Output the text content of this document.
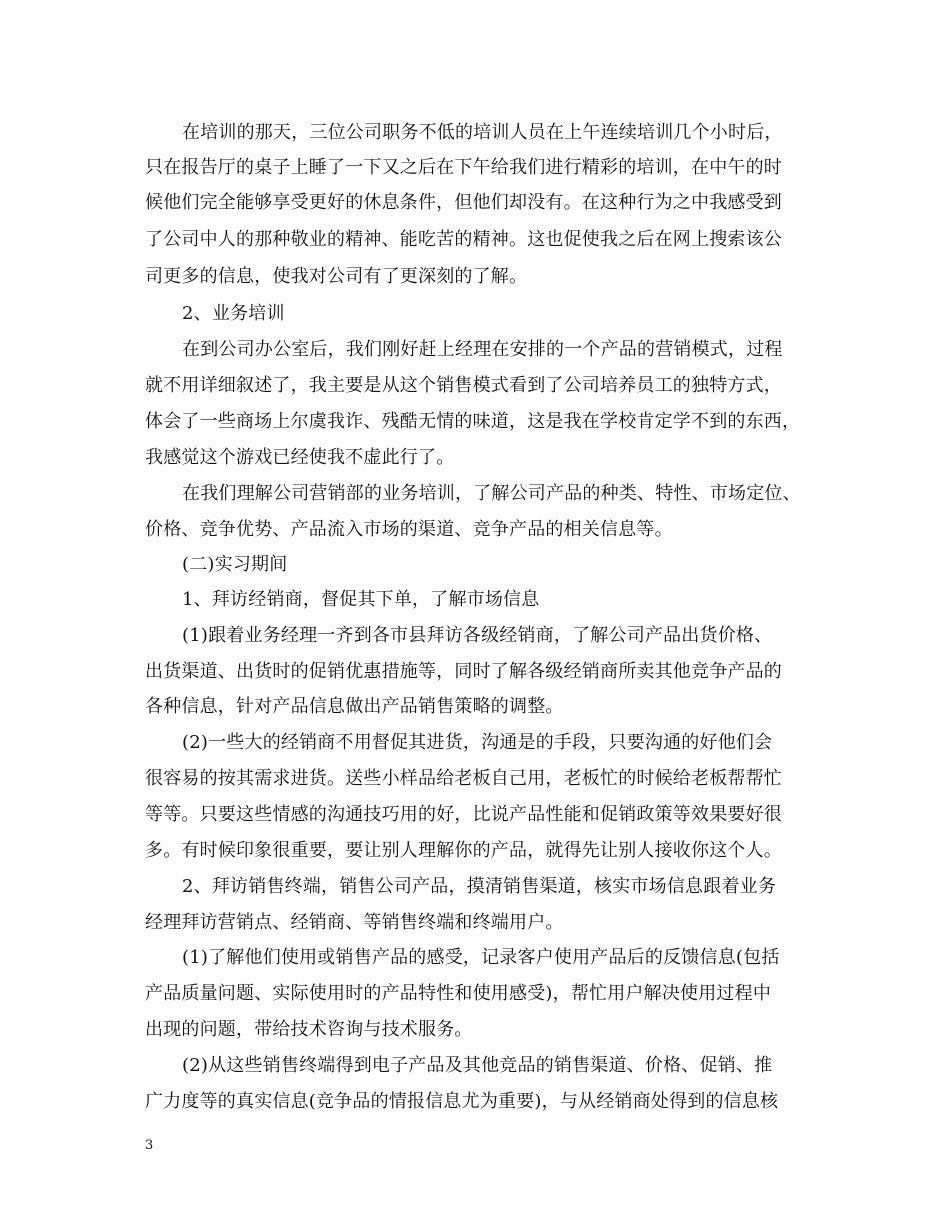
在培训的那天，三位公司职务不低的培训人员在上午连续培训几个小时后，
只在报告厅的桌子上睡了一下又之后在下午给我们进行精彩的培训，在中午的时
候他们完全能够享受更好的休息条件，但他们却没有。在这种行为之中我感受到
了公司中人的那种敬业的精神、能吃苦的精神。这也促使我之后在网上搜索该公
司更多的信息，使我对公司有了更深刻的了解。
2、业务培训
在到公司办公室后，我们刚好赶上经理在安排的一个产品的营销模式，过程
就不用详细叙述了，我主要是从这个销售模式看到了公司培养员工的独特方式，
体会了一些商场上尔虞我诈、残酷无情的味道，这是我在学校肯定学不到的东西，
我感觉这个游戏已经使我不虚此行了。
在我们理解公司营销部的业务培训，了解公司产品的种类、特性、市场定位、
价格、竞争优势、产品流入市场的渠道、竞争产品的相关信息等。
(二)实习期间
1、拜访经销商，督促其下单，了解市场信息
(1)跟着业务经理一齐到各市县拜访各级经销商，了解公司产品出货价格、
出货渠道、出货时的促销优惠措施等，同时了解各级经销商所卖其他竞争产品的
各种信息，针对产品信息做出产品销售策略的调整。
(2)一些大的经销商不用督促其进货，沟通是的手段，只要沟通的好他们会
很容易的按其需求进货。送些小样品给老板自己用，老板忙的时候给老板帮帮忙
等等。只要这些情感的沟通技巧用的好，比说产品性能和促销政策等效果要好很
多。有时候印象很重要，要让别人理解你的产品，就得先让别人接收你这个人。
2、拜访销售终端，销售公司产品，摸清销售渠道，核实市场信息跟着业务
经理拜访营销点、经销商、等销售终端和终端用户。
(1)了解他们使用或销售产品的感受，记录客户使用产品后的反馈信息(包括
产品质量问题、实际使用时的产品特性和使用感受)，帮忙用户解决使用过程中
出现的问题，带给技术咨询与技术服务。
(2)从这些销售终端得到电子产品及其他竞品的销售渠道、价格、促销、推
广力度等的真实信息(竞争品的情报信息尤为重要)，与从经销商处得到的信息核
3
